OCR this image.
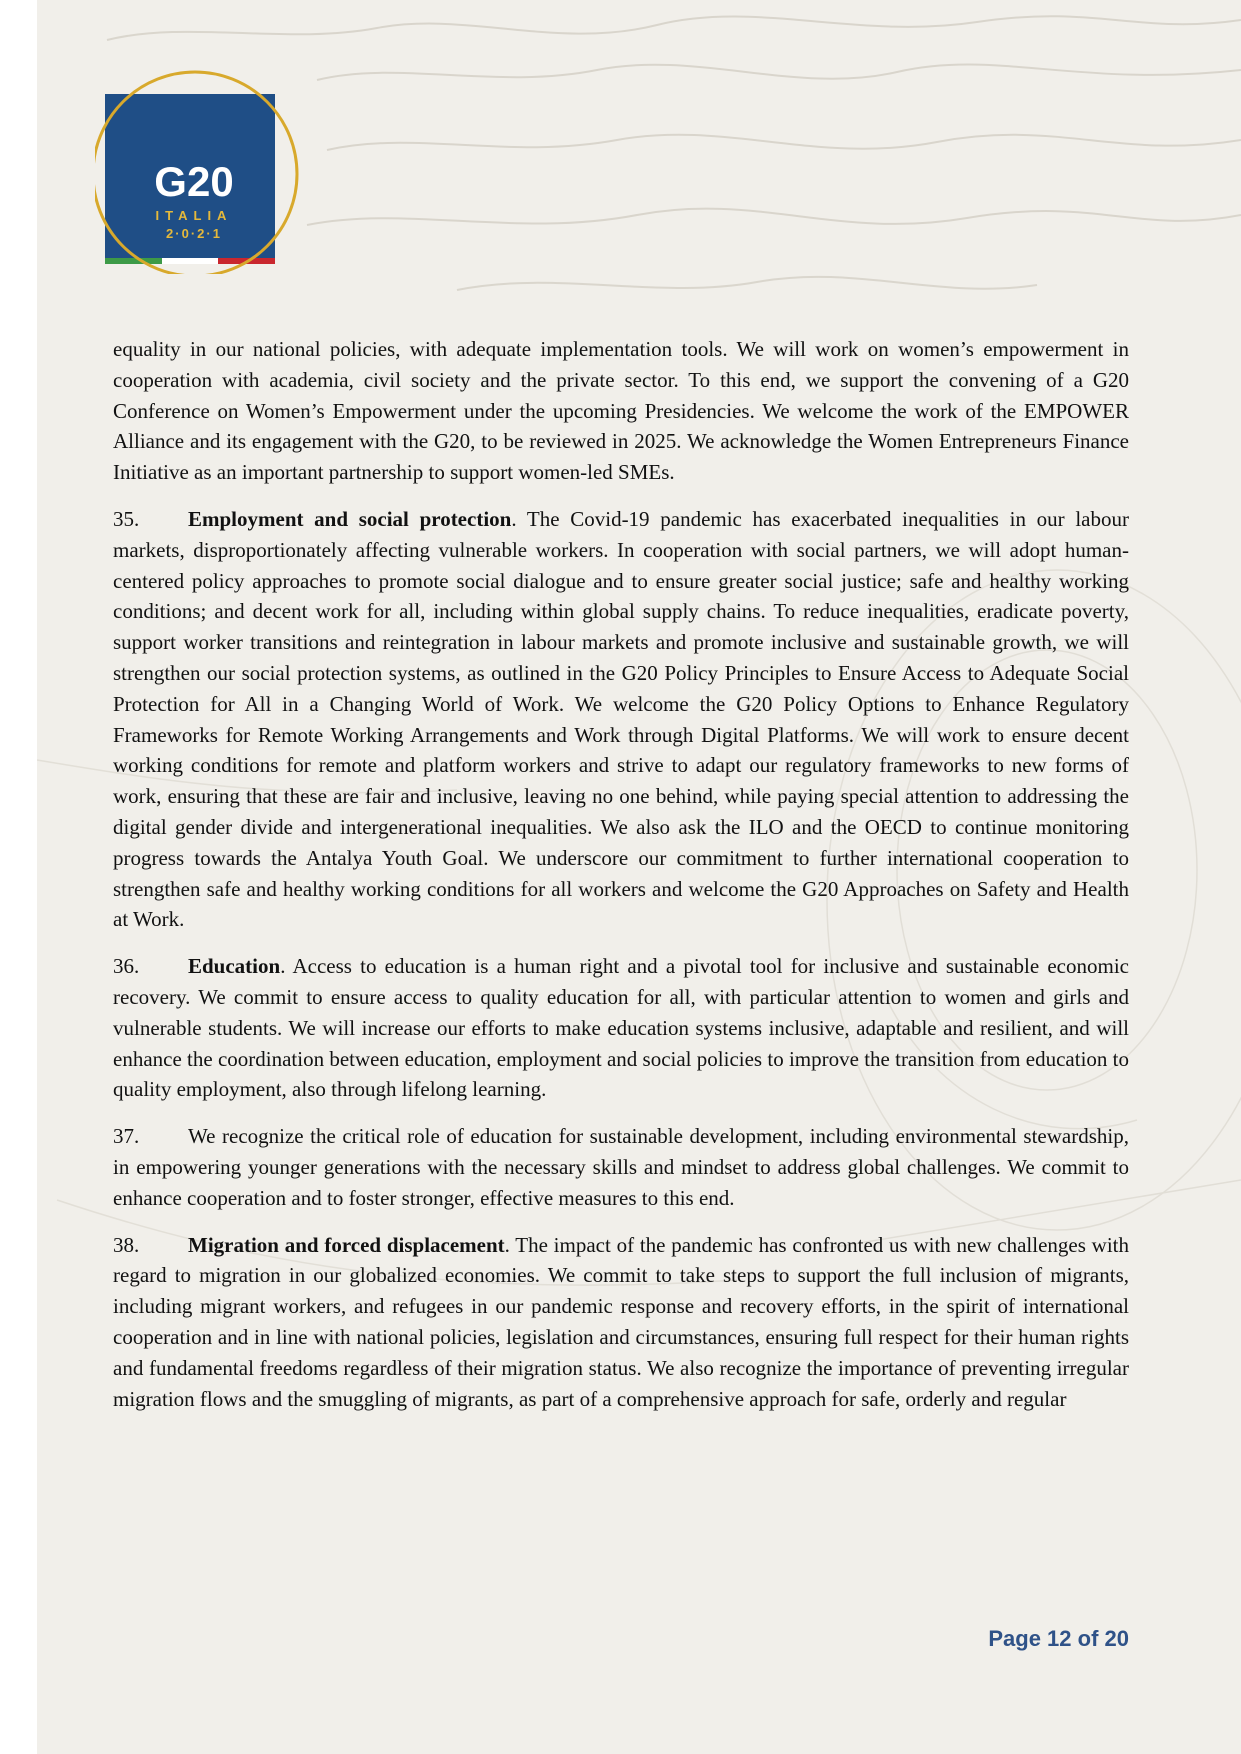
G20
ITALIA
2·0·2·1

equality in our national policies, with adequate implementation tools. We will work on women’s empowerment in cooperation with academia, civil society and the private sector. To this end, we support the convening of a G20 Conference on Women’s Empowerment under the upcoming Presidencies. We welcome the work of the EMPOWER Alliance and its engagement with the G20, to be reviewed in 2025. We acknowledge the Women Entrepreneurs Finance Initiative as an important partnership to support women-led SMEs.

35. Employment and social protection. The Covid-19 pandemic has exacerbated inequalities in our labour markets, disproportionately affecting vulnerable workers. In cooperation with social partners, we will adopt human-centered policy approaches to promote social dialogue and to ensure greater social justice; safe and healthy working conditions; and decent work for all, including within global supply chains. To reduce inequalities, eradicate poverty, support worker transitions and reintegration in labour markets and promote inclusive and sustainable growth, we will strengthen our social protection systems, as outlined in the G20 Policy Principles to Ensure Access to Adequate Social Protection for All in a Changing World of Work. We welcome the G20 Policy Options to Enhance Regulatory Frameworks for Remote Working Arrangements and Work through Digital Platforms. We will work to ensure decent working conditions for remote and platform workers and strive to adapt our regulatory frameworks to new forms of work, ensuring that these are fair and inclusive, leaving no one behind, while paying special attention to addressing the digital gender divide and intergenerational inequalities. We also ask the ILO and the OECD to continue monitoring progress towards the Antalya Youth Goal. We underscore our commitment to further international cooperation to strengthen safe and healthy working conditions for all workers and welcome the G20 Approaches on Safety and Health at Work.

36. Education. Access to education is a human right and a pivotal tool for inclusive and sustainable economic recovery. We commit to ensure access to quality education for all, with particular attention to women and girls and vulnerable students. We will increase our efforts to make education systems inclusive, adaptable and resilient, and will enhance the coordination between education, employment and social policies to improve the transition from education to quality employment, also through lifelong learning.

37. We recognize the critical role of education for sustainable development, including environmental stewardship, in empowering younger generations with the necessary skills and mindset to address global challenges. We commit to enhance cooperation and to foster stronger, effective measures to this end.

38. Migration and forced displacement. The impact of the pandemic has confronted us with new challenges with regard to migration in our globalized economies. We commit to take steps to support the full inclusion of migrants, including migrant workers, and refugees in our pandemic response and recovery efforts, in the spirit of international cooperation and in line with national policies, legislation and circumstances, ensuring full respect for their human rights and fundamental freedoms regardless of their migration status. We also recognize the importance of preventing irregular migration flows and the smuggling of migrants, as part of a comprehensive approach for safe, orderly and regular

Page 12 of 20
